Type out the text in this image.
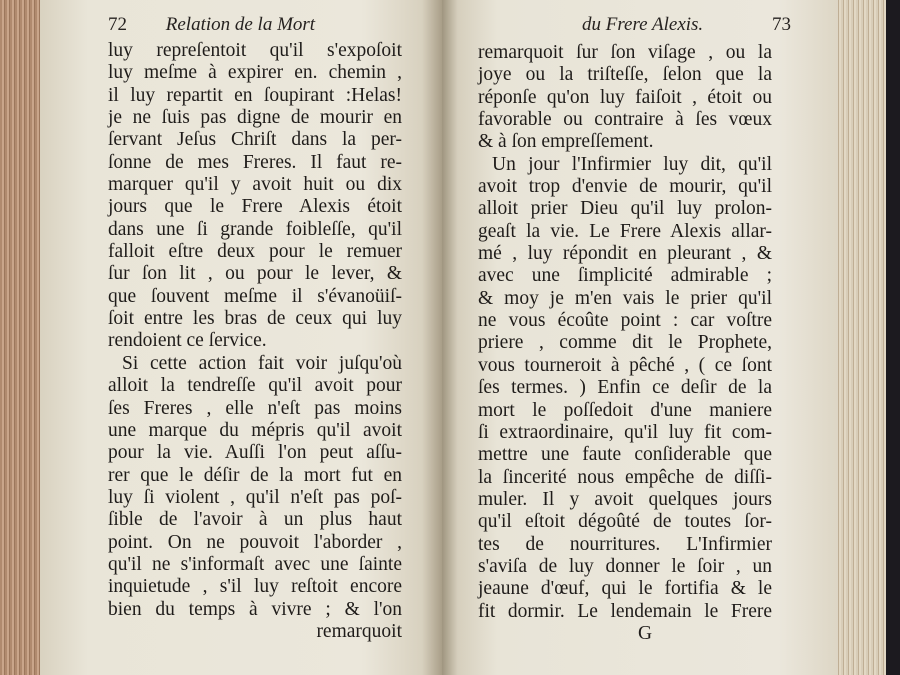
72 Relation de la Mort
luy repreſentoit qu'il s'expoſoit
luy meſme à expirer en. chemin ,
il luy repartit en ſoupirant :Helas!
je ne ſuis pas digne de mourir en
ſervant Jeſus Chriſt dans la per-
ſonne de mes Freres. Il faut re-
marquer qu'il y avoit huit ou dix
jours que le Frere Alexis étoit
dans une ſi grande foibleſſe, qu'il
falloit eſtre deux pour le remuer
ſur ſon lit , ou pour le lever, &
que ſouvent meſme il s'évanoüiſ-
ſoit entre les bras de ceux qui luy
rendoient ce ſervice.
Si cette action fait voir juſqu'où
alloit la tendreſſe qu'il avoit pour
ſes Freres , elle n'eſt pas moins
une marque du mépris qu'il avoit
pour la vie. Auſſi l'on peut aſſu-
rer que le déſir de la mort fut en
luy ſi violent , qu'il n'eſt pas poſ-
ſible de l'avoir à un plus haut
point. On ne pouvoit l'aborder ,
qu'il ne s'informaſt avec une ſainte
inquietude , s'il luy reſtoit encore
bien du temps à vivre ; & l'on
remarquoit
du Frere Alexis.	73
remarquoit ſur ſon viſage , ou la
joye ou la triſteſſe, ſelon que la
réponſe qu'on luy faiſoit , étoit ou
favorable ou contraire à ſes vœux
& à ſon empreſſement.
Un jour l'Infirmier luy dit, qu'il
avoit trop d'envie de mourir, qu'il
alloit prier Dieu qu'il luy prolon-
geaſt la vie. Le Frere Alexis allar-
mé , luy répondit en pleurant , &
avec une ſimplicité admirable ;
& moy je m'en vais le prier qu'il
ne vous écoûte point : car voſtre
priere , comme dit le Prophete,
vous tourneroit à pêché , ( ce ſont
ſes termes. ) Enfin ce deſir de la
mort le poſſedoit d'une maniere
ſi extraordinaire, qu'il luy fit com-
mettre une faute conſiderable que
la ſincerité nous empêche de diſſi-
muler. Il y avoit quelques jours
qu'il eſtoit dégoûté de toutes ſor-
tes de nourritures. L'Infirmier
s'aviſa de luy donner le ſoir , un
jeaune d'œuf, qui le fortifia & le
fit dormir. Le lendemain le Frere
G
